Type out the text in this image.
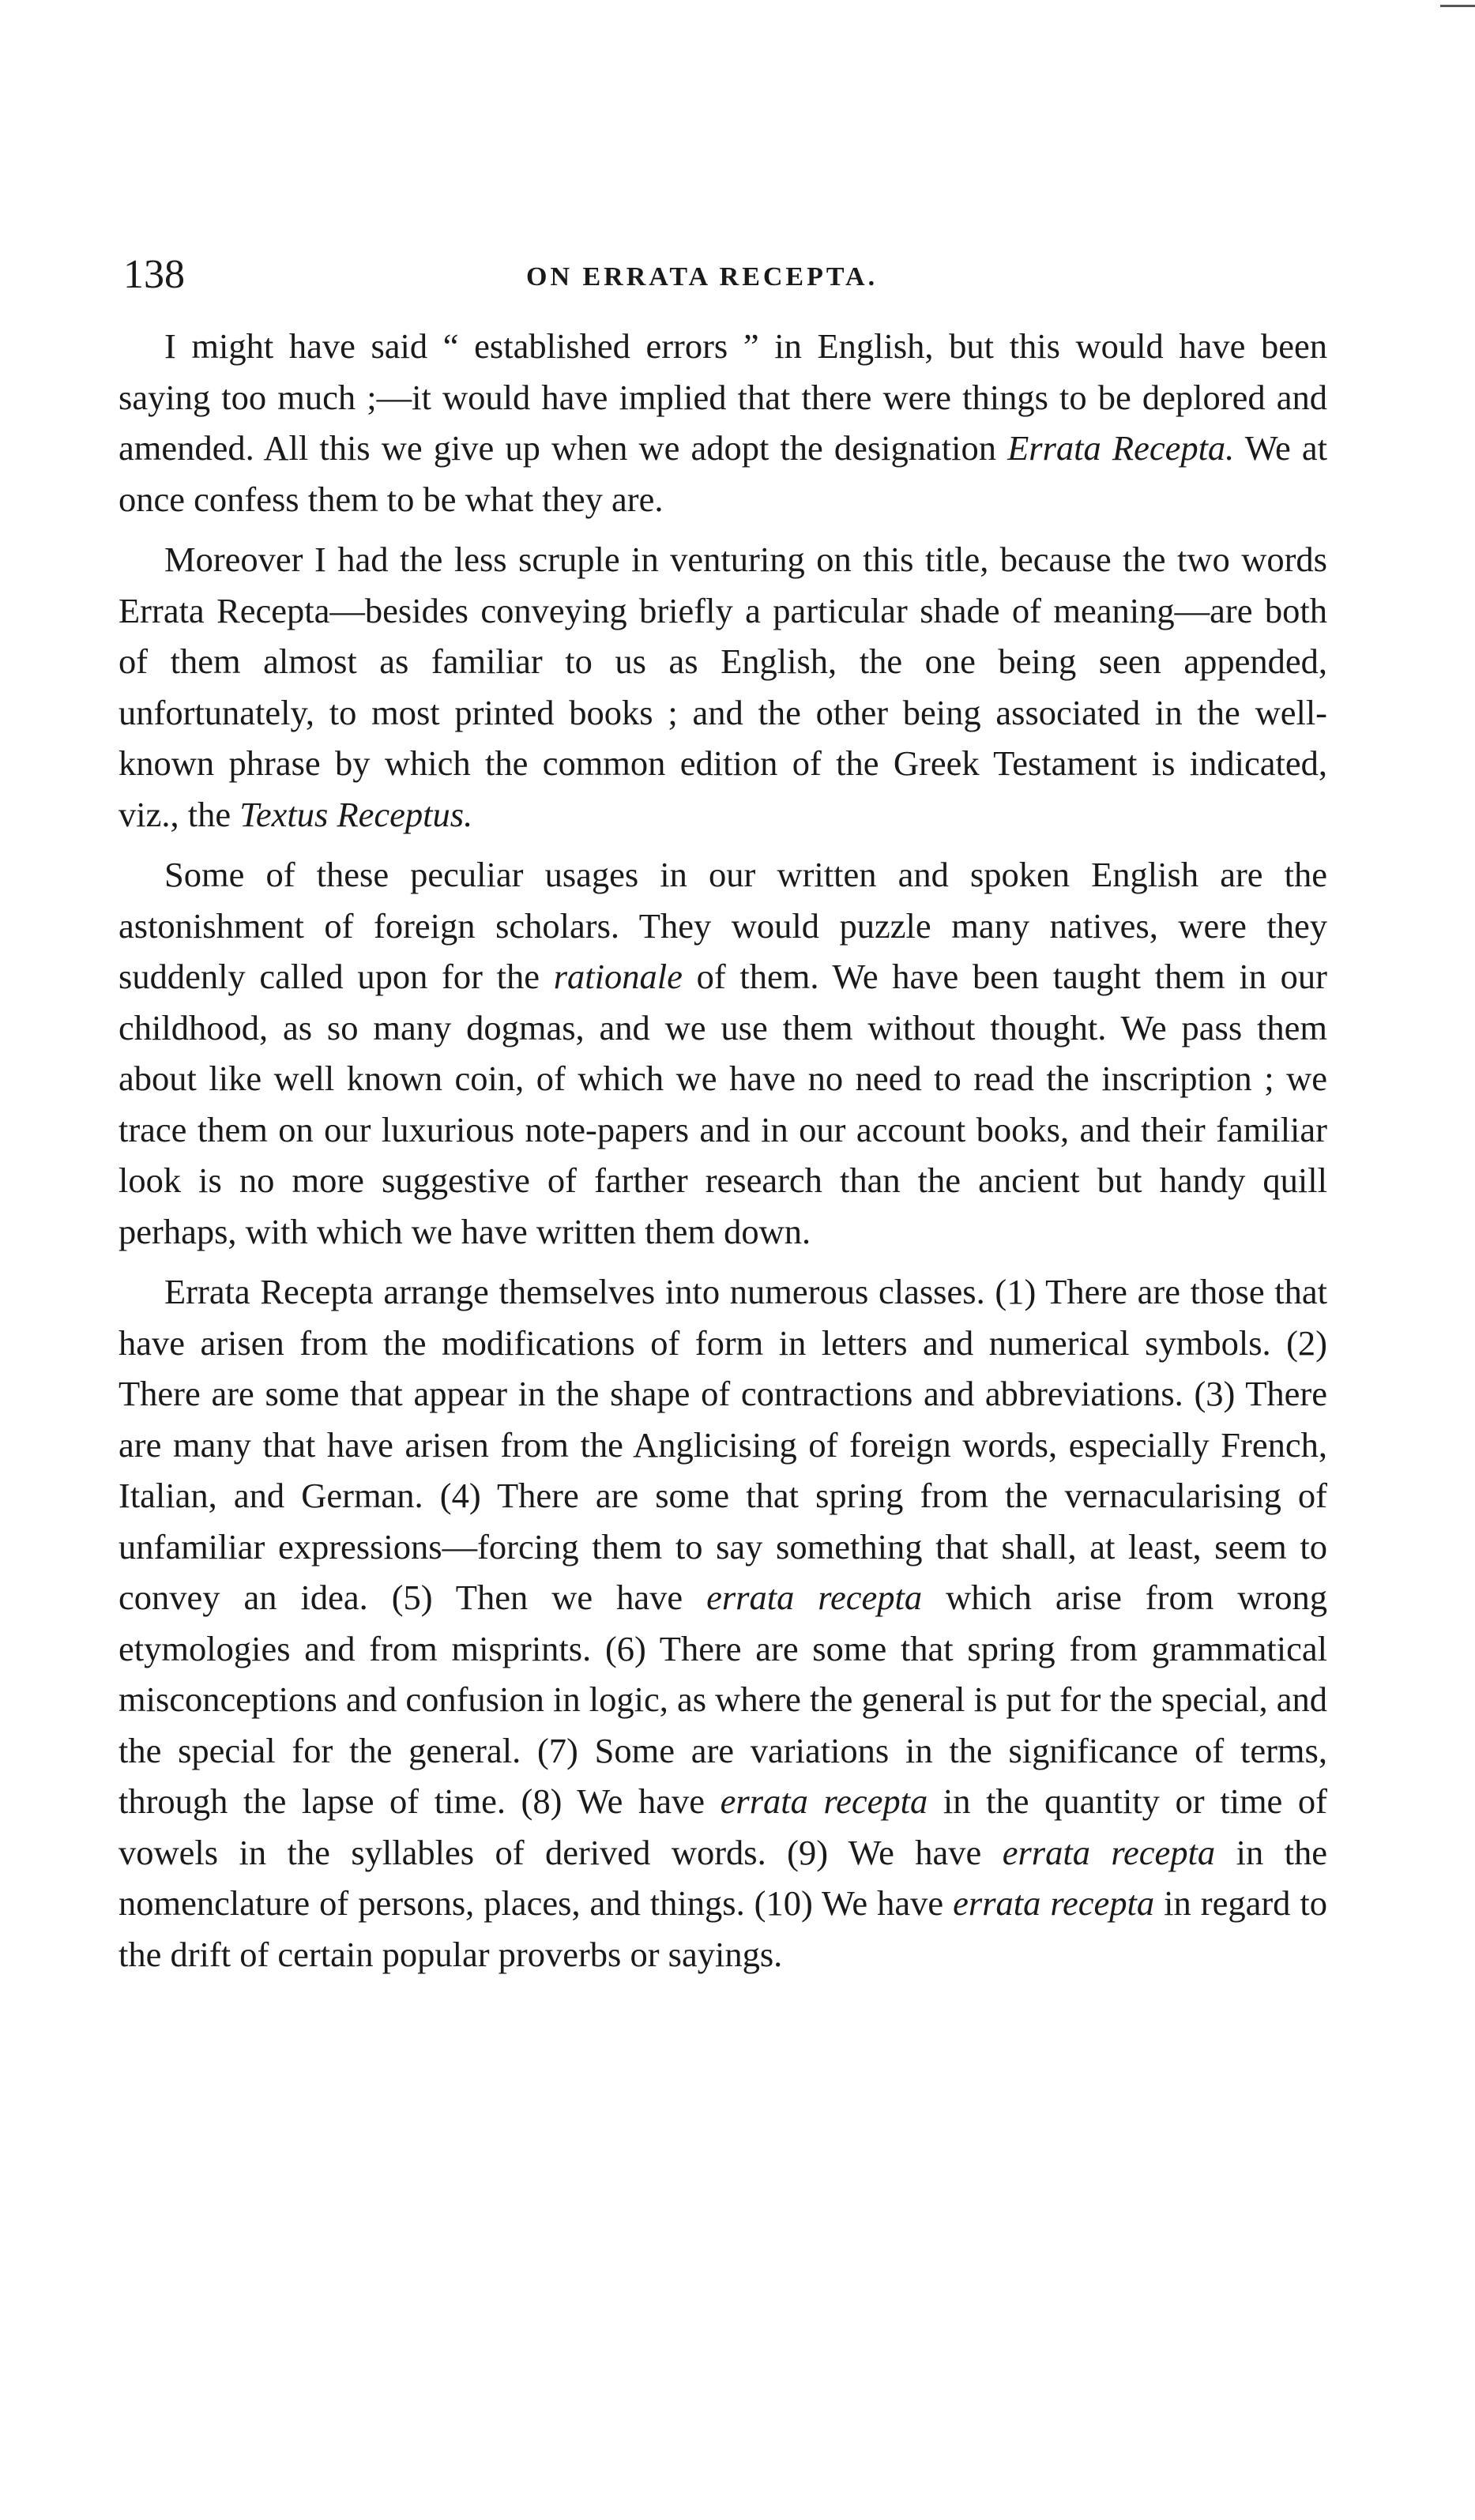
138	ON ERRATA RECEPTA.

I might have said “ established errors ” in English, but this would have been saying too much ;—it would have implied that there were things to be deplored and amended. All this we give up when we adopt the designation Errata Recepta. We at once confess them to be what they are.

Moreover I had the less scruple in venturing on this title, because the two words Errata Recepta—besides conveying briefly a particular shade of meaning—are both of them almost as familiar to us as English, the one being seen appended, unfortunately, to most printed books ; and the other being associated in the well-known phrase by which the common edition of the Greek Testament is indicated, viz., the Textus Receptus.

Some of these peculiar usages in our written and spoken English are the astonishment of foreign scholars. They would puzzle many natives, were they suddenly called upon for the rationale of them. We have been taught them in our childhood, as so many dogmas, and we use them without thought. We pass them about like well known coin, of which we have no need to read the inscription ; we trace them on our luxurious note-papers and in our account books, and their familiar look is no more suggestive of farther research than the ancient but handy quill perhaps, with which we have written them down.

Errata Recepta arrange themselves into numerous classes. (1) There are those that have arisen from the modifications of form in letters and numerical symbols. (2) There are some that appear in the shape of contractions and abbreviations. (3) There are many that have arisen from the Anglicising of foreign words, especially French, Italian, and German. (4) There are some that spring from the vernacularising of unfamiliar expressions—forcing them to say something that shall, at least, seem to convey an idea. (5) Then we have errata recepta which arise from wrong etymologies and from misprints. (6) There are some that spring from grammatical misconceptions and confusion in logic, as where the general is put for the special, and the special for the general. (7) Some are variations in the significance of terms, through the lapse of time. (8) We have errata recepta in the quantity or time of vowels in the syllables of derived words. (9) We have errata recepta in the nomenclature of persons, places, and things. (10) We have errata recepta in regard to the drift of certain popular proverbs or sayings.
